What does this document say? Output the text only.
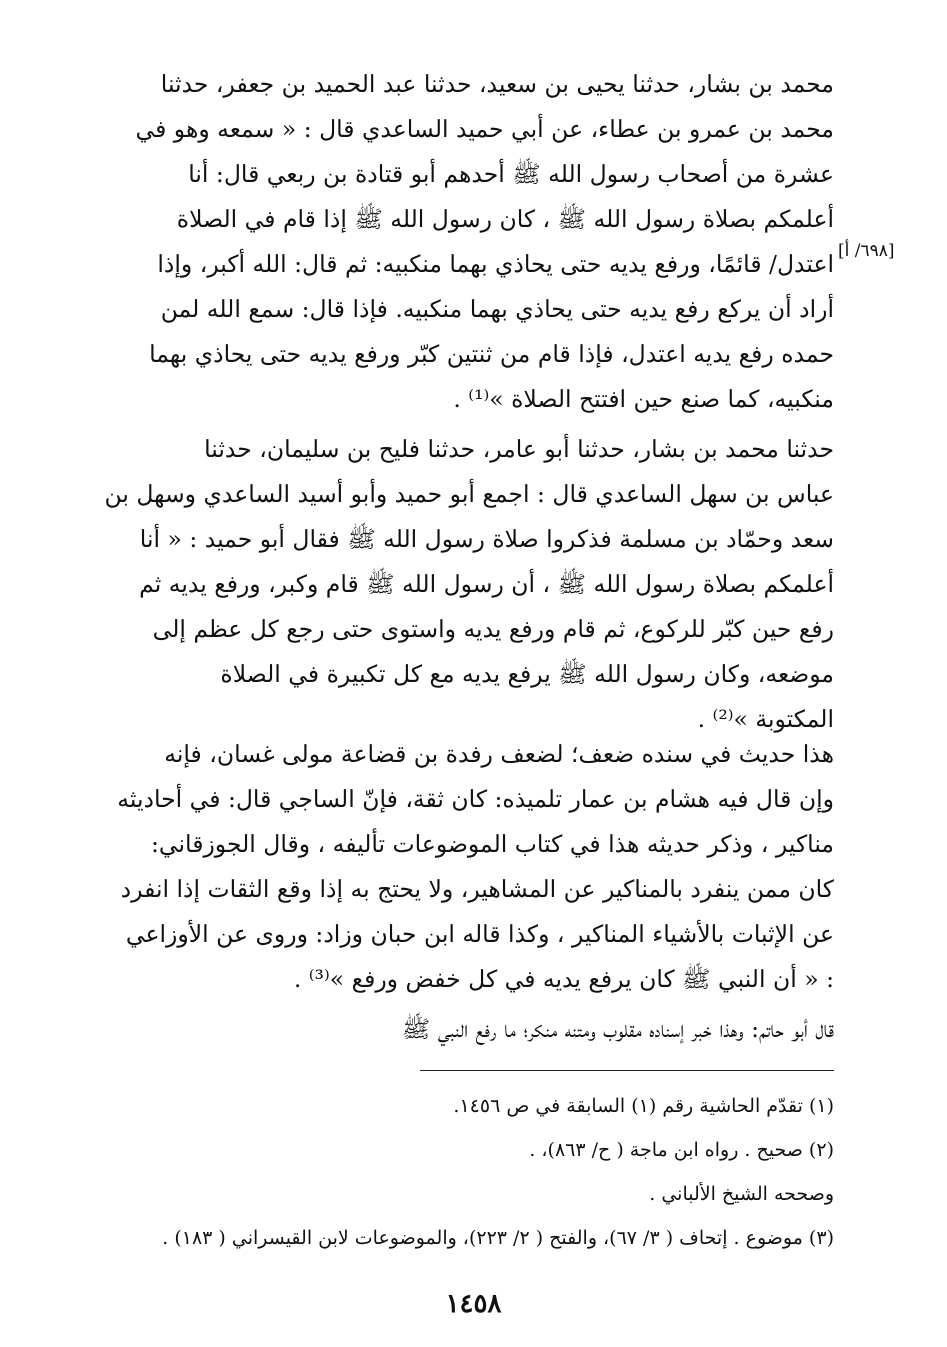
[٦٩٨/ أ]
محمد بن بشار، حدثنا يحيى بن سعيد، حدثنا عبد الحميد بن جعفر، حدثنا
محمد بن عمرو بن عطاء، عن أبي حميد الساعدي قال : « سمعه وهو في
عشرة من أصحاب رسول الله ﷺ أحدهم أبو قتادة بن ربعي قال: أنا
أعلمكم بصلاة رسول الله ﷺ ، كان رسول الله ﷺ إذا قام في الصلاة
اعتدل/ قائمًا، ورفع يديه حتى يحاذي بهما منكبيه: ثم قال: الله أكبر، وإذا
أراد أن يركع رفع يديه حتى يحاذي بهما منكبيه. فإذا قال: سمع الله لمن
حمده رفع يديه اعتدل، فإذا قام من ثنتين كبّر ورفع يديه حتى يحاذي بهما
منكبيه، كما صنع حين افتتح الصلاة »⁽¹⁾ .
حدثنا محمد بن بشار، حدثنا أبو عامر، حدثنا فليح بن سليمان، حدثنا
عباس بن سهل الساعدي قال : اجمع أبو حميد وأبو أسيد الساعدي وسهل بن
سعد وحمّاد بن مسلمة فذكروا صلاة رسول الله ﷺ فقال أبو حميد : « أنا
أعلمكم بصلاة رسول الله ﷺ ، أن رسول الله ﷺ قام وكبر، ورفع يديه ثم
رفع حين كبّر للركوع، ثم قام ورفع يديه واستوى حتى رجع كل عظم إلى
موضعه، وكان رسول الله ﷺ يرفع يديه مع كل تكبيرة في الصلاة
المكتوبة »⁽²⁾ .
هذا حديث في سنده ضعف؛ لضعف رفدة بن قضاعة مولى غسان، فإنه
وإن قال فيه هشام بن عمار تلميذه: كان ثقة، فإنّ الساجي قال: في أحاديثه
مناكير ، وذكر حديثه هذا في كتاب الموضوعات تأليفه ، وقال الجوزقاني:
كان ممن ينفرد بالمناكير عن المشاهير، ولا يحتج به إذا وقع الثقات إذا انفرد
عن الإثبات بالأشياء المناكير ، وكذا قاله ابن حبان وزاد: وروى عن الأوزاعي
: « أن النبي ﷺ كان يرفع يديه في كل خفض ورفع »⁽³⁾ .
قال أبو حاتم: وهذا خبر إسناده مقلوب ومتنه منكر؛ ما رفع النبي ﷺ
(١) تقدّم الحاشية رقم (١) السابقة في ص ١٤٥٦.
(٢) صحيح . رواه ابن ماجة ( ح/ ٨٦٣)، .
وصححه الشيخ الألباني .
(٣) موضوع . إتحاف ( ٣/ ٦٧)، والفتح ( ٢/ ٢٢٣)، والموضوعات لابن القيسراني ( ١٨٣) .
١٤٥٨
